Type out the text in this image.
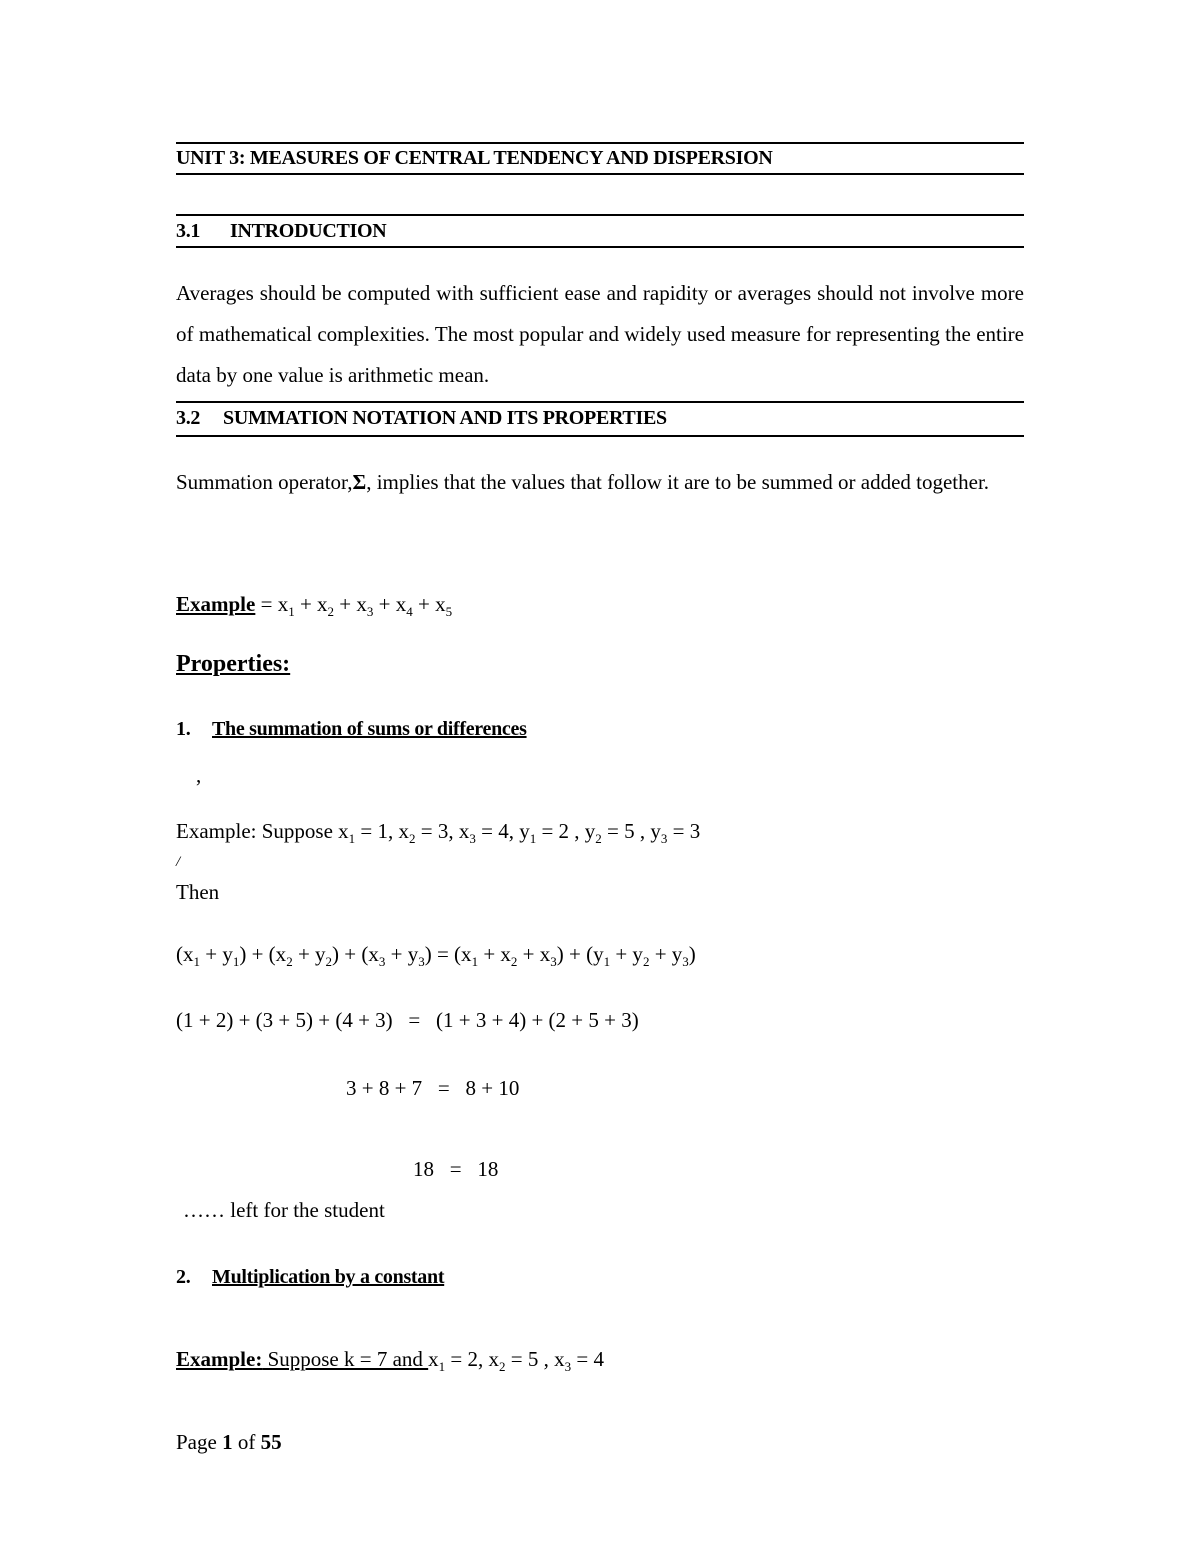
UNIT 3: MEASURES OF CENTRAL TENDENCY AND DISPERSION
3.1 INTRODUCTION
Averages should be computed with sufficient ease and rapidity or averages should not involve more of mathematical complexities. The most popular and widely used measure for representing the entire data by one value is arithmetic mean.
3.2 SUMMATION NOTATION AND ITS PROPERTIES
Summation operator,Σ, implies that the values that follow it are to be summed or added together.
Example = $x_1 + x_2 + x_3 + x_4 + x_5$
Properties:
1. The summation of sums or differences
,
Example: Suppose $x_1 = 1$, $x_2 = 3$, $x_3 = 4$, $y_1 = 2$ , $y_2 = 5$ , $y_3 = 3$
/
Then
$(x_1 + y_1) + (x_2 + y_2) + (x_3 + y_3) = (x_1 + x_2 + x_3) + (y_1 + y_2 + y_3)$
(1 + 2) + (3 + 5) + (4 + 3)   =   (1 + 3 + 4) + (2 + 5 + 3)
3 + 8 + 7   =   8 + 10
18   =   18
…… left for the student
2. Multiplication by a constant
Example: Suppose k = 7 and $x_1 = 2$, $x_2 = 5$ , $x_3 = 4$
Page 1 of 55
